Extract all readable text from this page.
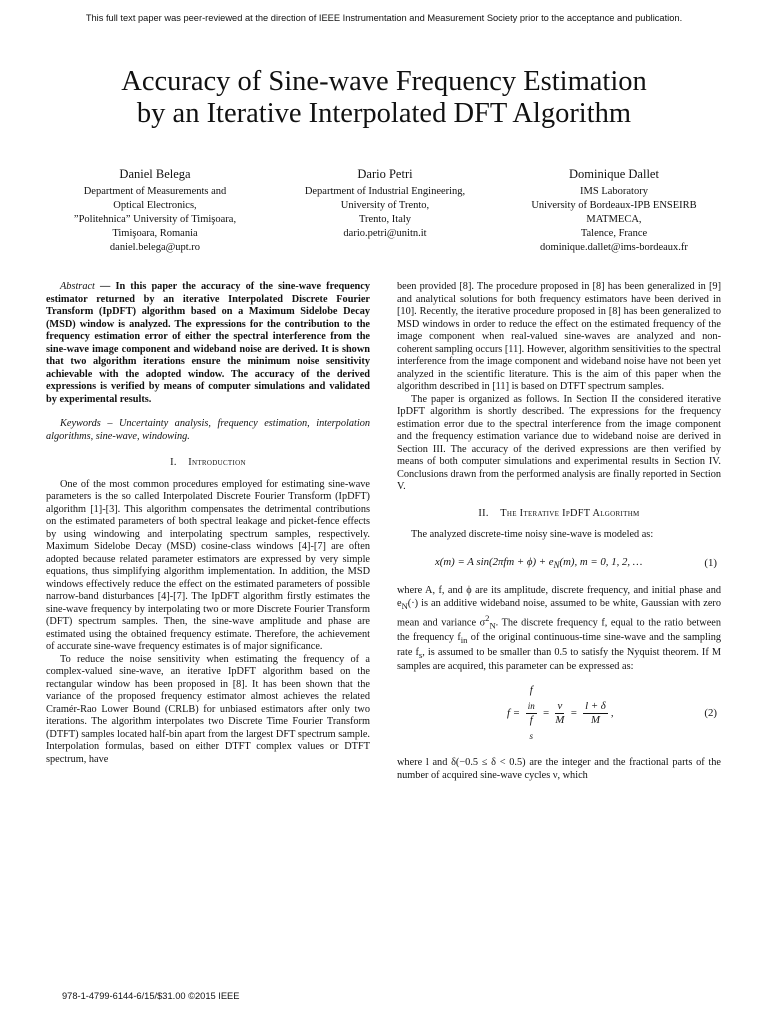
This full text paper was peer-reviewed at the direction of IEEE Instrumentation and Measurement Society prior to the acceptance and publication.
Accuracy of Sine-wave Frequency Estimation
by an Iterative Interpolated DFT Algorithm
Daniel Belega
Department of Measurements and
Optical Electronics,
”Politehnica” University of Timişoara,
Timişoara, Romania
daniel.belega@upt.ro
Dario Petri
Department of Industrial Engineering,
University of Trento,
Trento, Italy
dario.petri@unitn.it
Dominique Dallet
IMS Laboratory
University of Bordeaux-IPB ENSEIRB
MATMECA,
Talence, France
dominique.dallet@ims-bordeaux.fr

Abstract — In this paper the accuracy of the sine-wave frequency estimator returned by an iterative Interpolated Discrete Fourier Transform (IpDFT) algorithm based on a Maximum Sidelobe Decay (MSD) window is analyzed. The expressions for the contribution to the frequency estimation error of either the spectral interference from the sine-wave image component and wideband noise are derived. It is shown that two algorithm iterations ensure the minimum noise sensitivity achievable with the adopted window. The accuracy of the derived expressions is verified by means of computer simulations and validated by experimental results.

Keywords – Uncertainty analysis, frequency estimation, interpolation algorithms, sine-wave, windowing.

I. Introduction

One of the most common procedures employed for estimating sine-wave parameters is the so called Interpolated Discrete Fourier Transform (IpDFT) algorithm [1]-[3]. This algorithm compensates the detrimental contributions on the estimated parameters of both spectral leakage and picket-fence effects by using windowing and interpolating spectrum samples, respectively. Maximum Sidelobe Decay (MSD) cosine-class windows [4]-[7] are often adopted because related parameter estimators are expressed by very simple equations, thus simplifying algorithm implementation. In addition, the MSD windows effectively reduce the effect on the estimated parameters of possible narrow-band disturbances [4]-[7]. The IpDFT algorithm firstly estimates the sine-wave frequency by interpolating two or more Discrete Fourier Transform (DFT) spectrum samples. Then, the sine-wave amplitude and phase are estimated using the obtained frequency estimate. Therefore, the achievement of accurate sine-wave frequency estimates is of major significance.

To reduce the noise sensitivity when estimating the frequency of a complex-valued sine-wave, an iterative IpDFT algorithm based on the rectangular window has been proposed in [8]. It has been shown that the variance of the proposed frequency estimator almost achieves the related Cramér-Rao Lower Bound (CRLB) for unbiased estimators after only two iterations. The algorithm interpolates two Discrete Time Fourier Transform (DTFT) samples located half-bin apart from the largest DFT spectrum sample. Interpolation formulas, based on either DTFT complex values or DTFT spectrum, have

been provided [8]. The procedure proposed in [8] has been generalized in [9] and analytical solutions for both frequency estimators have been derived in [10]. Recently, the iterative procedure proposed in [8] has been generalized to MSD windows in order to reduce the effect on the estimated frequency of the image component when real-valued sine-waves are analyzed and non-coherent sampling occurs [11]. However, algorithm sensitivities to the spectral interference from the image component and wideband noise have not been yet analyzed in the scientific literature. This is the aim of this paper when the algorithm described in [11] is based on DTFT spectrum samples.

The paper is organized as follows. In Section II the considered iterative IpDFT algorithm is shortly described. The expressions for the frequency estimation error due to the spectral interference from the image component and the frequency estimation variance due to wideband noise are derived in Section III. The accuracy of the derived expressions are then verified by means of both computer simulations and experimental results in Section IV. Conclusions drawn from the performed analysis are finally reported in Section V.

II. The Iterative IpDFT Algorithm

The analyzed discrete-time noisy sine-wave is modeled as:

x(m) = A $\sin(2\pi fm + \phi) + e_N(m)$, m = 0, 1, 2, …	(1)

where A, f, and ϕ are its amplitude, discrete frequency, and initial phase and $e_N(\cdot)$ is an additive wideband noise, assumed to be white, Gaussian with zero mean and variance $\sigma^2_N$. The discrete frequency f, equal to the ratio between the frequency $f_{in}$ of the original continuous-time sine-wave and the sampling rate $f_s$, is assumed to be smaller than 0.5 to satisfy the Nyquist theorem. If M samples are acquired, this parameter can be expressed as:

f = f
$_{in}$
f
$_s = \frac{\nu}{M} = \frac{l + \delta}{M}$ ,	(2)

where l and δ(−0.5 ≤ δ < 0.5) are the integer and the fractional parts of the number of acquired sine-wave cycles ν, which

978-1-4799-6144-6/15/$31.00 ©2015 IEEE
